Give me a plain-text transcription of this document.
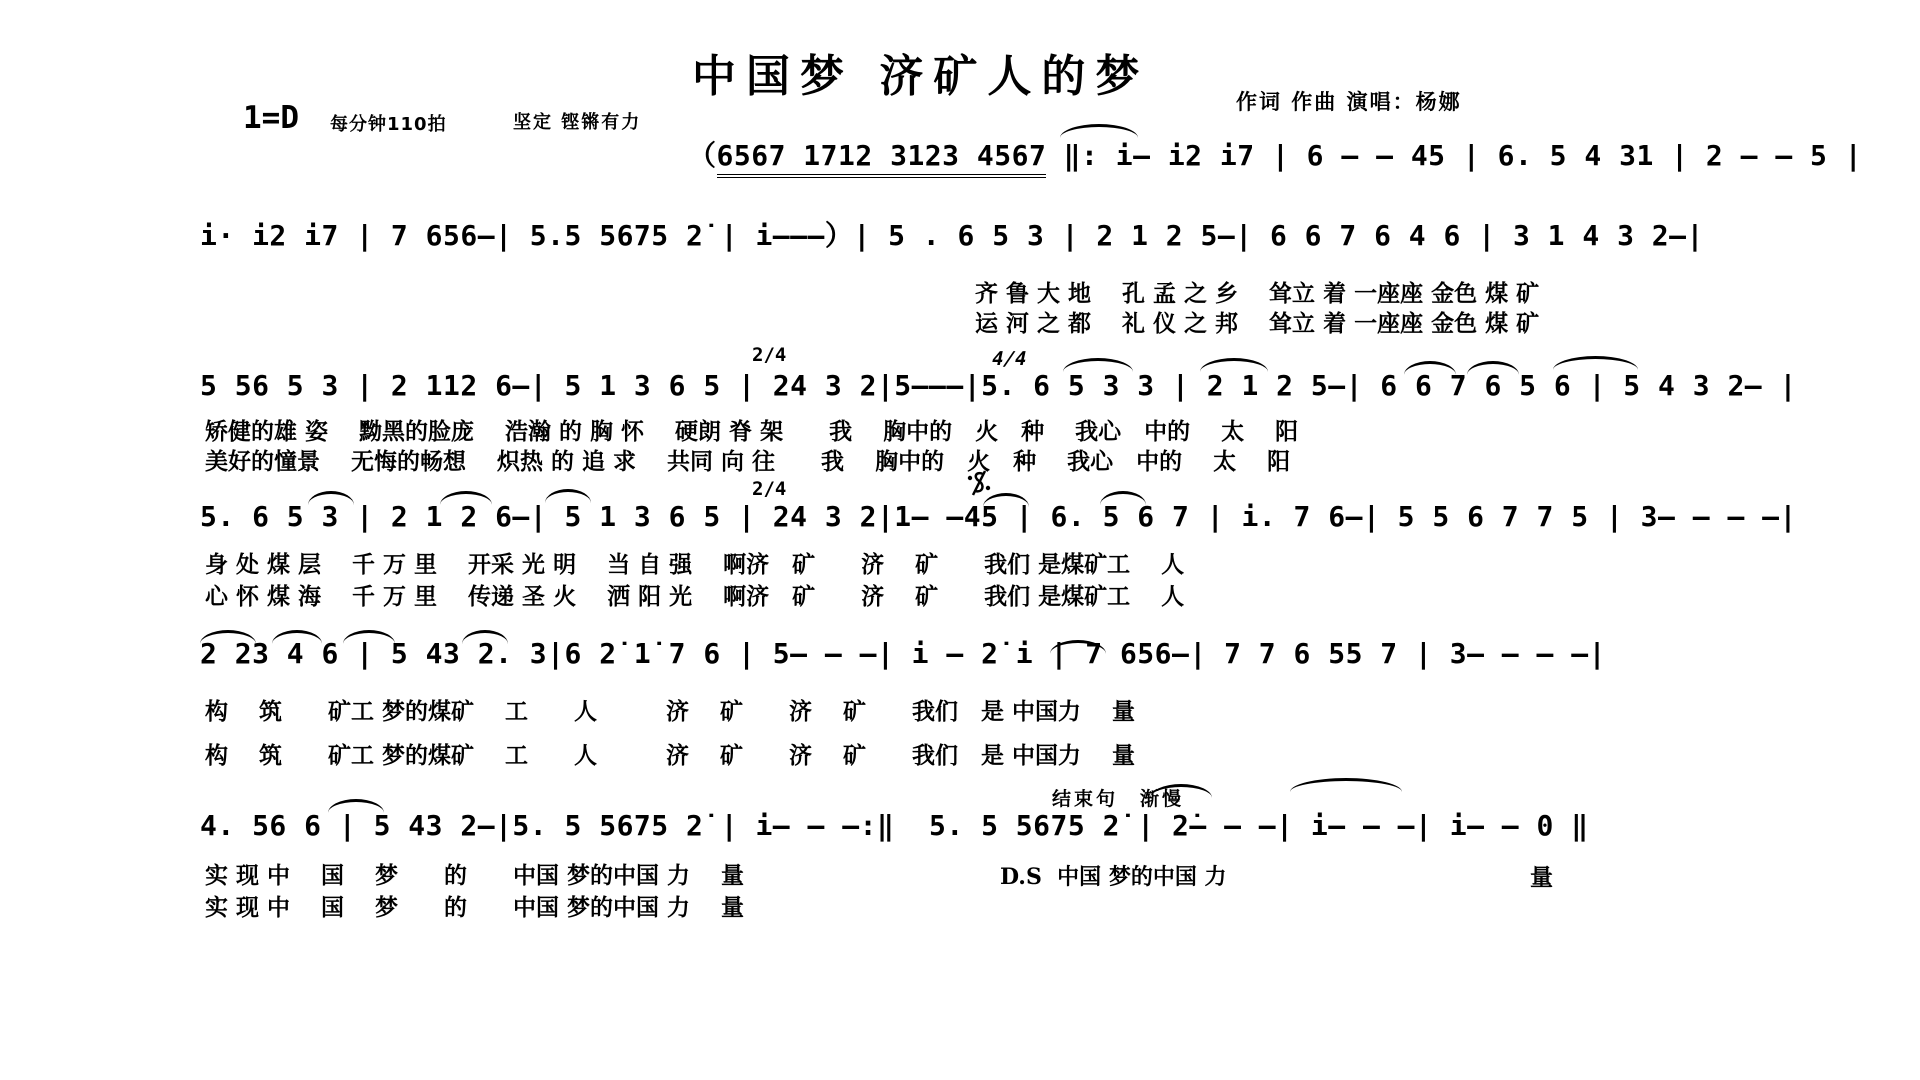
中国梦 济矿人的梦	作词 作曲 演唱：杨娜
1=D 每分钟110拍	坚定 铿锵有力
（6567 1712 3123 4567 ‖: i— i2 i7 | 6 — — 45 | 6. 5 4 31 | 2 — — 5 |
i· i2 i7 | 7 656—| 5.5 5675 2̇ | i———）| 5 . 6 5 3 | 2 1 2 5—| 6 6 7 6 4 6 | 3 1 4 3 2—|
齐 鲁 大 地　 孔 孟 之 乡　 耸立 着 一座座 金色 煤 矿
运 河 之 都　 礼 仪 之 邦　 耸立 着 一座座 金色 煤 矿
2/4	4/4
5 56 5 3 | 2 112 6—| 5 1 3 6 5 | 24 3 2|5———|5. 6 5 3 3 | 2 1 2 5—| 6 6 7 6 5 6 | 5 4 3 2— |
矫健的雄 姿　 黝黑的脸庞　 浩瀚 的 胸 怀　 硬朗 脊 架　　我　 胸中的　火　种　 我心　中的　 太　 阳
美好的憧景　 无悔的畅想　 炽热 的 追 求　 共同 向 往　　我　 胸中的　火　种　 我心　中的　 太　 阳
2/4
5. 6 5 3 | 2 1 2 6—| 5 1 3 6 5 | 24 3 2|1— —45 | 6. 5 6 7 | i. 7 6—| 5 5 6 7 7 5 | 3— — — —|
身 处 煤 层　 千 万 里　 开采 光 明　 当 自 强　 啊济　矿　　济　 矿　　我们 是煤矿工　 人
心 怀 煤 海　 千 万 里　 传递 圣 火　 洒 阳 光　 啊济　矿　　济　 矿　　我们 是煤矿工　 人
2 23 4 6 | 5 43 2. 3|6 2̇ 1̇ 7 6 | 5— — —| i — 2̇ i | 7 656—| 7 7 6 55 7 | 3— — — —|
构　 筑　　矿工 梦的煤矿　 工　　人　　　济　 矿　　济　 矿　　我们　是 中国力　 量
构　 筑　　矿工 梦的煤矿　 工　　人　　　济　 矿　　济　 矿　　我们　是 中国力　 量
结束句　渐慢
4. 56 6 | 5 43 2—|5. 5 5675 2̇ | i— — —:‖  5. 5 5675 2̇ | 2̇— — —| i— — —| i— — 0 ‖
实 现 中　 国　 梦　　的　　中国 梦的中国 力　 量
实 现 中　 国　 梦　　的　　中国 梦的中国 力　 量
D.S  中国 梦的中国 力	量
